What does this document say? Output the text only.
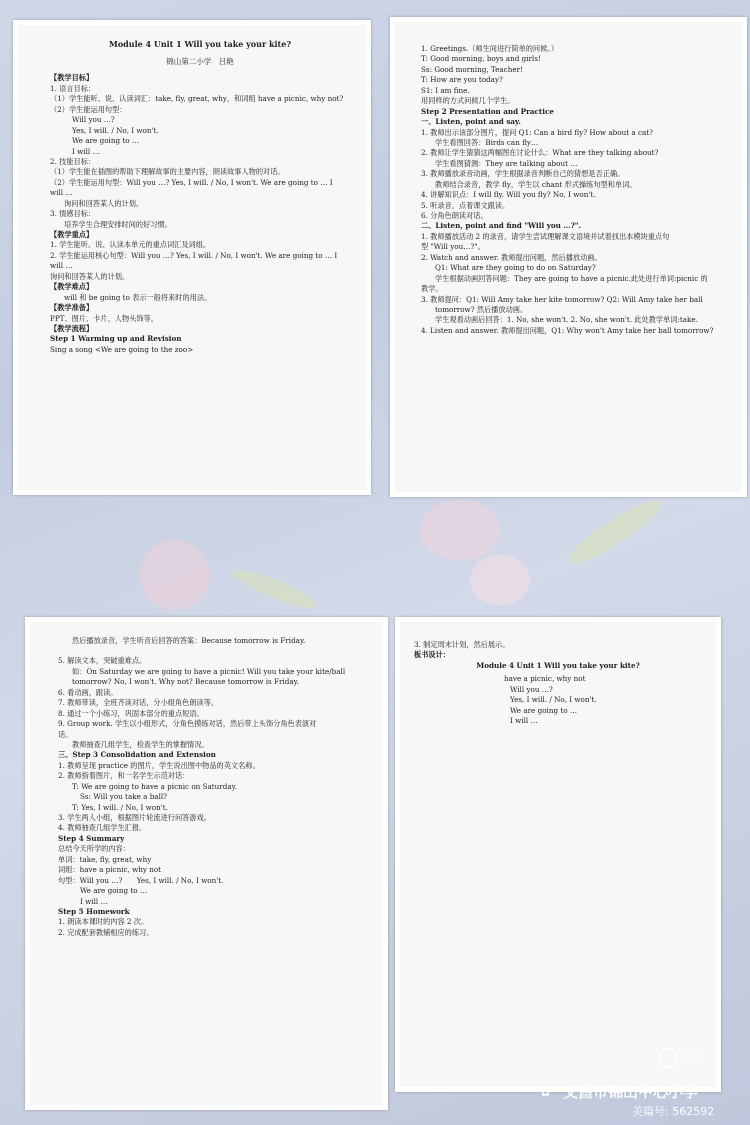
Module 4 Unit 1 Will you take your kite?
锦山第二小学　吕艳
【教学目标】
1. 语言目标：
（1）学生能听、说、认读词汇：take, fly, great, why，和词组 have a picnic, why not?
（2）学生能运用句型：
Will you …?
Yes, I will. / No, I won't.
We are going to …
I will …
2. 技能目标：
（1）学生能在插图的帮助下理解故事的主要内容，朗读故事人物的对话。
（2）学生能运用句型：Will you …? Yes, I will. / No, I won't. We are going to … I
will …
询问和回答某人的计划。
3. 情感目标：
培养学生合理安排时间的好习惯。
【教学重点】
1. 学生能听、说、认读本单元的重点词汇及词组。
2. 学生能运用核心句型：Will you …? Yes, I will. / No, I won't. We are going to … I
will …
询问和回答某人的计划。
【教学难点】
will 和 be going to 表示一般将来时的用法。
【教学准备】
PPT、图片、卡片、人物头饰等。
【教学流程】
Step 1 Warming up and Revision
Sing a song <We are going to the zoo>
1. Greetings.（师生间进行简单的问候。）
T: Good morning, boys and girls!
Ss: Good morning, Teacher!
T: How are you today?
S1: I am fine.
用同样的方式问候几个学生。
Step 2 Presentation and Practice
一、Listen, point and say.
1. 教师出示该部分图片，提问 Q1: Can a bird fly? How about a cat?
学生看图回答：Birds can fly…
2. 教师让学生猜猜这两幅图在讨论什么：What are they talking about?
学生看图猜测：They are talking about …
3. 教师播放录音动画，学生根据录音判断自己的猜想是否正确。
教师结合录音，教学 fly，学生以 chant 形式操练句型和单词。
4. 讲解知识点：I will fly. Will you fly? No, I won't.
5. 听录音，点着课文跟读。
6. 分角色朗读对话。
二、Listen, point and find "Will you …?".
1. 教师播放活动 2 的录音，请学生尝试理解课文语境并试着找出本模块重点句
型 "Will you…?"。
2. Watch and answer. 教师提出问题，然后播放动画。
Q1: What are they going to do on Saturday?
学生根据动画回答问题：They are going to have a picnic.此处进行单词:picnic 的
教学。
3. 教师提问：Q1: Will Amy take her kite tomorrow? Q2: Will Amy take her ball
tomorrow? 然后播放动画。
学生观看动画后回答：1. No, she won't. 2. No, she won't. 此处教学单词:take.
4. Listen and answer. 教师提出问题，Q1: Why won't Amy take her ball tomorrow?
然后播放录音，学生听音后回答的答案：Because tomorrow is Friday.
5. 解读文本，突破重难点。
如：On Saturday we are going to have a picnic! Will you take your kite/ball
tomorrow? No, I won't. Why not? Because tomorrow is Friday.
6. 看动画，跟读。
7. 教师带读，全班齐读对话，分小组角色朗读等。
8. 通过一个小练习，巩固本部分的重点短语。
9. Group work. 学生以小组形式，分角色摸练对话，然后带上头饰分角色表演对
话。
教师抽查几组学生，检查学生的掌握情况。
三、Step 3 Consolidation and Extension
1. 教师呈现 practice 的图片，学生说出图中物品的英文名称。
2. 教师指着图片，和一名学生示范对话：
T: We are going to have a picnic on Saturday.
Ss: Will you take a ball?
T: Yes, I will. / No, I won't.
3. 学生两人小组，根据图片轮流进行问答游戏。
4. 教师抽查几组学生汇报。
Step 4 Summary
总结今天所学的内容：
单词：take, fly, great, why
词组：have a picnic, why not
句型：Will you …?　　Yes, I will. / No, I won't.
We are going to …
I will …
Step 5 Homework
1. 朗读本课时的内容 2 次。
2. 完成配套教辅相应的练习。
3. 制定周末计划，然后展示。
板书设计：
Module 4 Unit 1 Will you take your kite?
have a picnic, why not
Will you …?
Yes, I will. / No, I won't.
We are going to …
I will …
美篇
✿ 文昌市锦山中心小学
美篇号: 562592
